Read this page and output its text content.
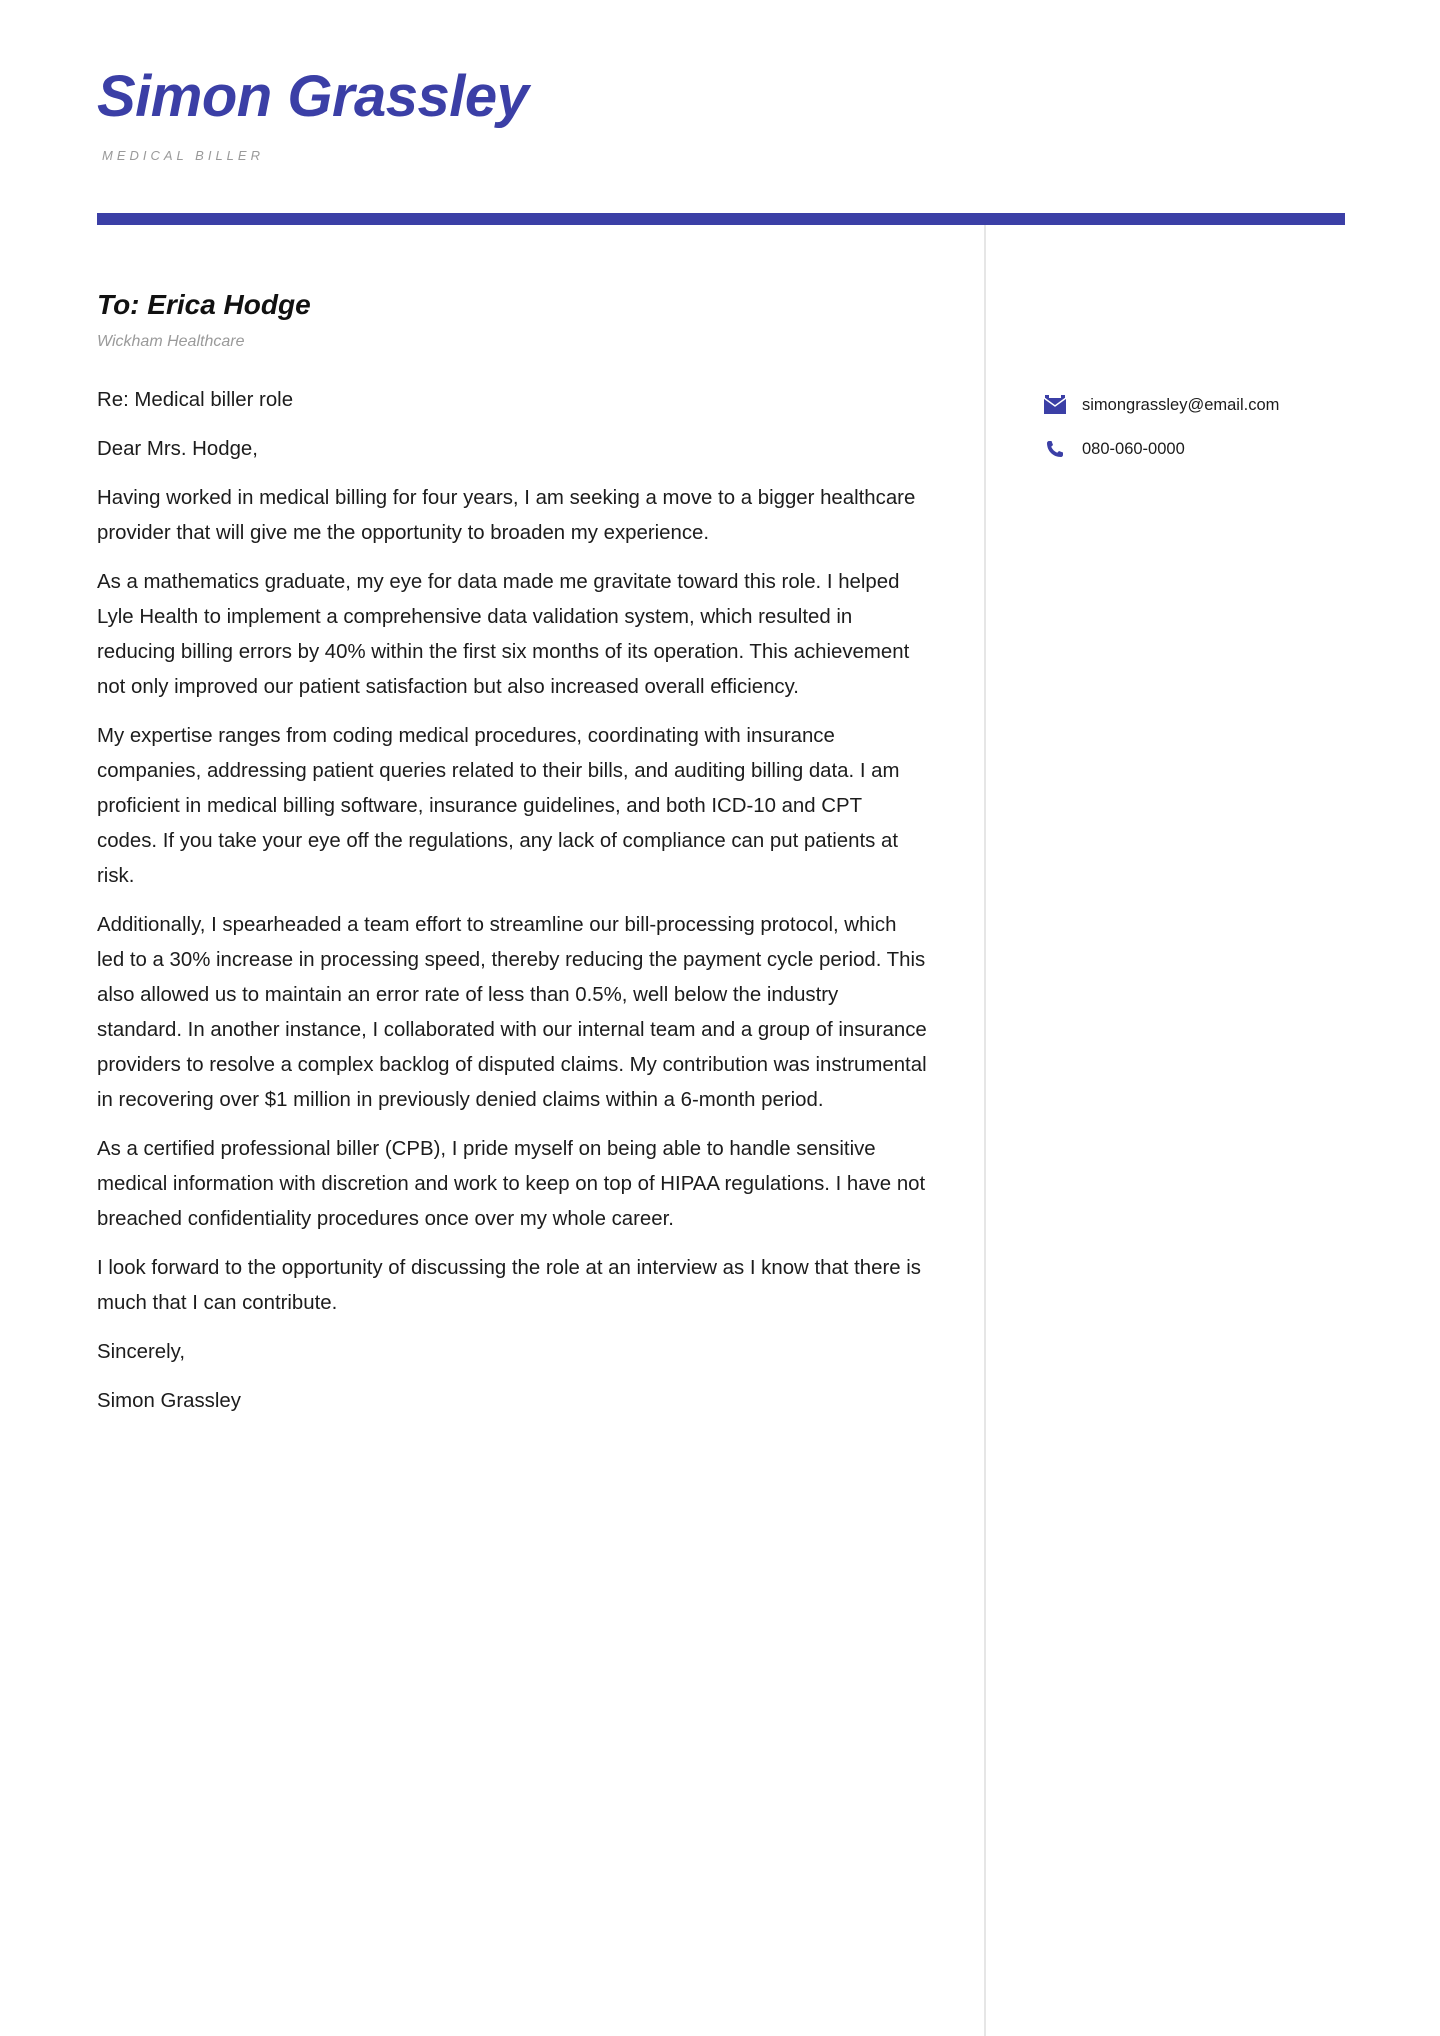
Simon Grassley
MEDICAL BILLER
To: Erica Hodge
Wickham Healthcare

Re: Medical biller role

Dear Mrs. Hodge,

Having worked in medical billing for four years, I am seeking a move to a bigger healthcare provider that will give me the opportunity to broaden my experience.

As a mathematics graduate, my eye for data made me gravitate toward this role. I helped Lyle Health to implement a comprehensive data validation system, which resulted in reducing billing errors by 40% within the first six months of its operation. This achievement not only improved our patient satisfaction but also increased overall efficiency.

My expertise ranges from coding medical procedures, coordinating with insurance companies, addressing patient queries related to their bills, and auditing billing data. I am proficient in medical billing software, insurance guidelines, and both ICD-10 and CPT codes. If you take your eye off the regulations, any lack of compliance can put patients at risk.

Additionally, I spearheaded a team effort to streamline our bill-processing protocol, which led to a 30% increase in processing speed, thereby reducing the payment cycle period. This also allowed us to maintain an error rate of less than 0.5%, well below the industry standard. In another instance, I collaborated with our internal team and a group of insurance providers to resolve a complex backlog of disputed claims. My contribution was instrumental in recovering over $1 million in previously denied claims within a 6-month period.

As a certified professional biller (CPB), I pride myself on being able to handle sensitive medical information with discretion and work to keep on top of HIPAA regulations. I have not breached confidentiality procedures once over my whole career.

I look forward to the opportunity of discussing the role at an interview as I know that there is much that I can contribute.

Sincerely,

Simon Grassley

simongrassley@email.com
080-060-0000
